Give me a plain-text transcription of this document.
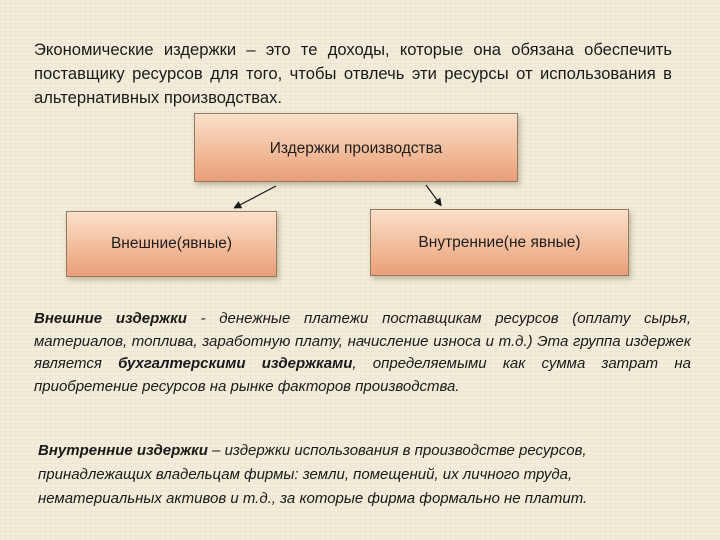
Экономические издержки – это те доходы, которые она обязана обеспечить поставщику ресурсов для того, чтобы отвлечь эти ресурсы от использования в альтернативных производствах.

Издержки производства
Внешние(явные)	Внутренние(не явные)

Внешние издержки - денежные платежи поставщикам ресурсов (оплату сырья, материалов, топлива, заработную плату, начисление износа и т.д.) Эта группа издержек является бухгалтерскими издержками, определяемыми как сумма затрат на приобретение ресурсов на рынке факторов производства.

Внутренние издержки – издержки использования в производстве ресурсов, принадлежащих владельцам фирмы: земли, помещений, их личного труда, нематериальных активов и т.д., за которые фирма формально не платит.
